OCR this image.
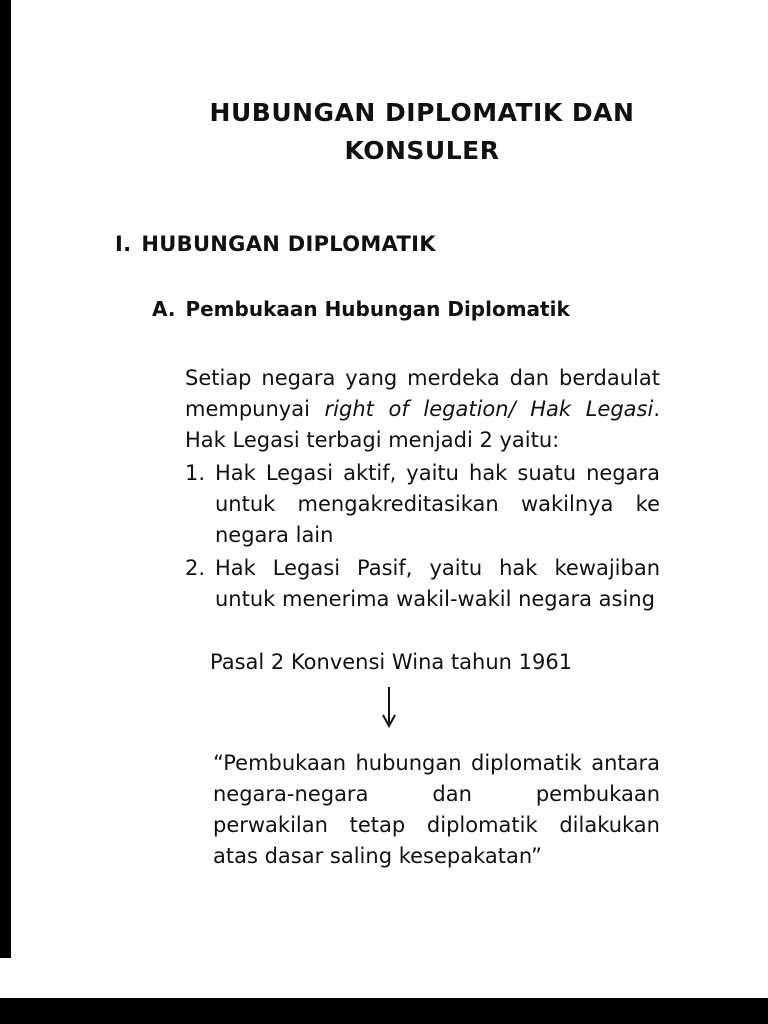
HUBUNGAN DIPLOMATIK DAN
KONSULER
I. HUBUNGAN DIPLOMATIK
A. Pembukaan Hubungan Diplomatik

Setiap negara yang merdeka dan berdaulat mempunyai right of legation/ Hak Legasi. Hak Legasi terbagi menjadi 2 yaitu:

1. Hak Legasi aktif, yaitu hak suatu negara untuk mengakreditasikan wakilnya ke negara lain
2. Hak Legasi Pasif, yaitu hak kewajiban untuk menerima wakil-wakil negara asing

Pasal 2 Konvensi Wina tahun 1961

“Pembukaan hubungan diplomatik antara negara-negara dan pembukaan perwakilan tetap diplomatik dilakukan atas dasar saling kesepakatan”
